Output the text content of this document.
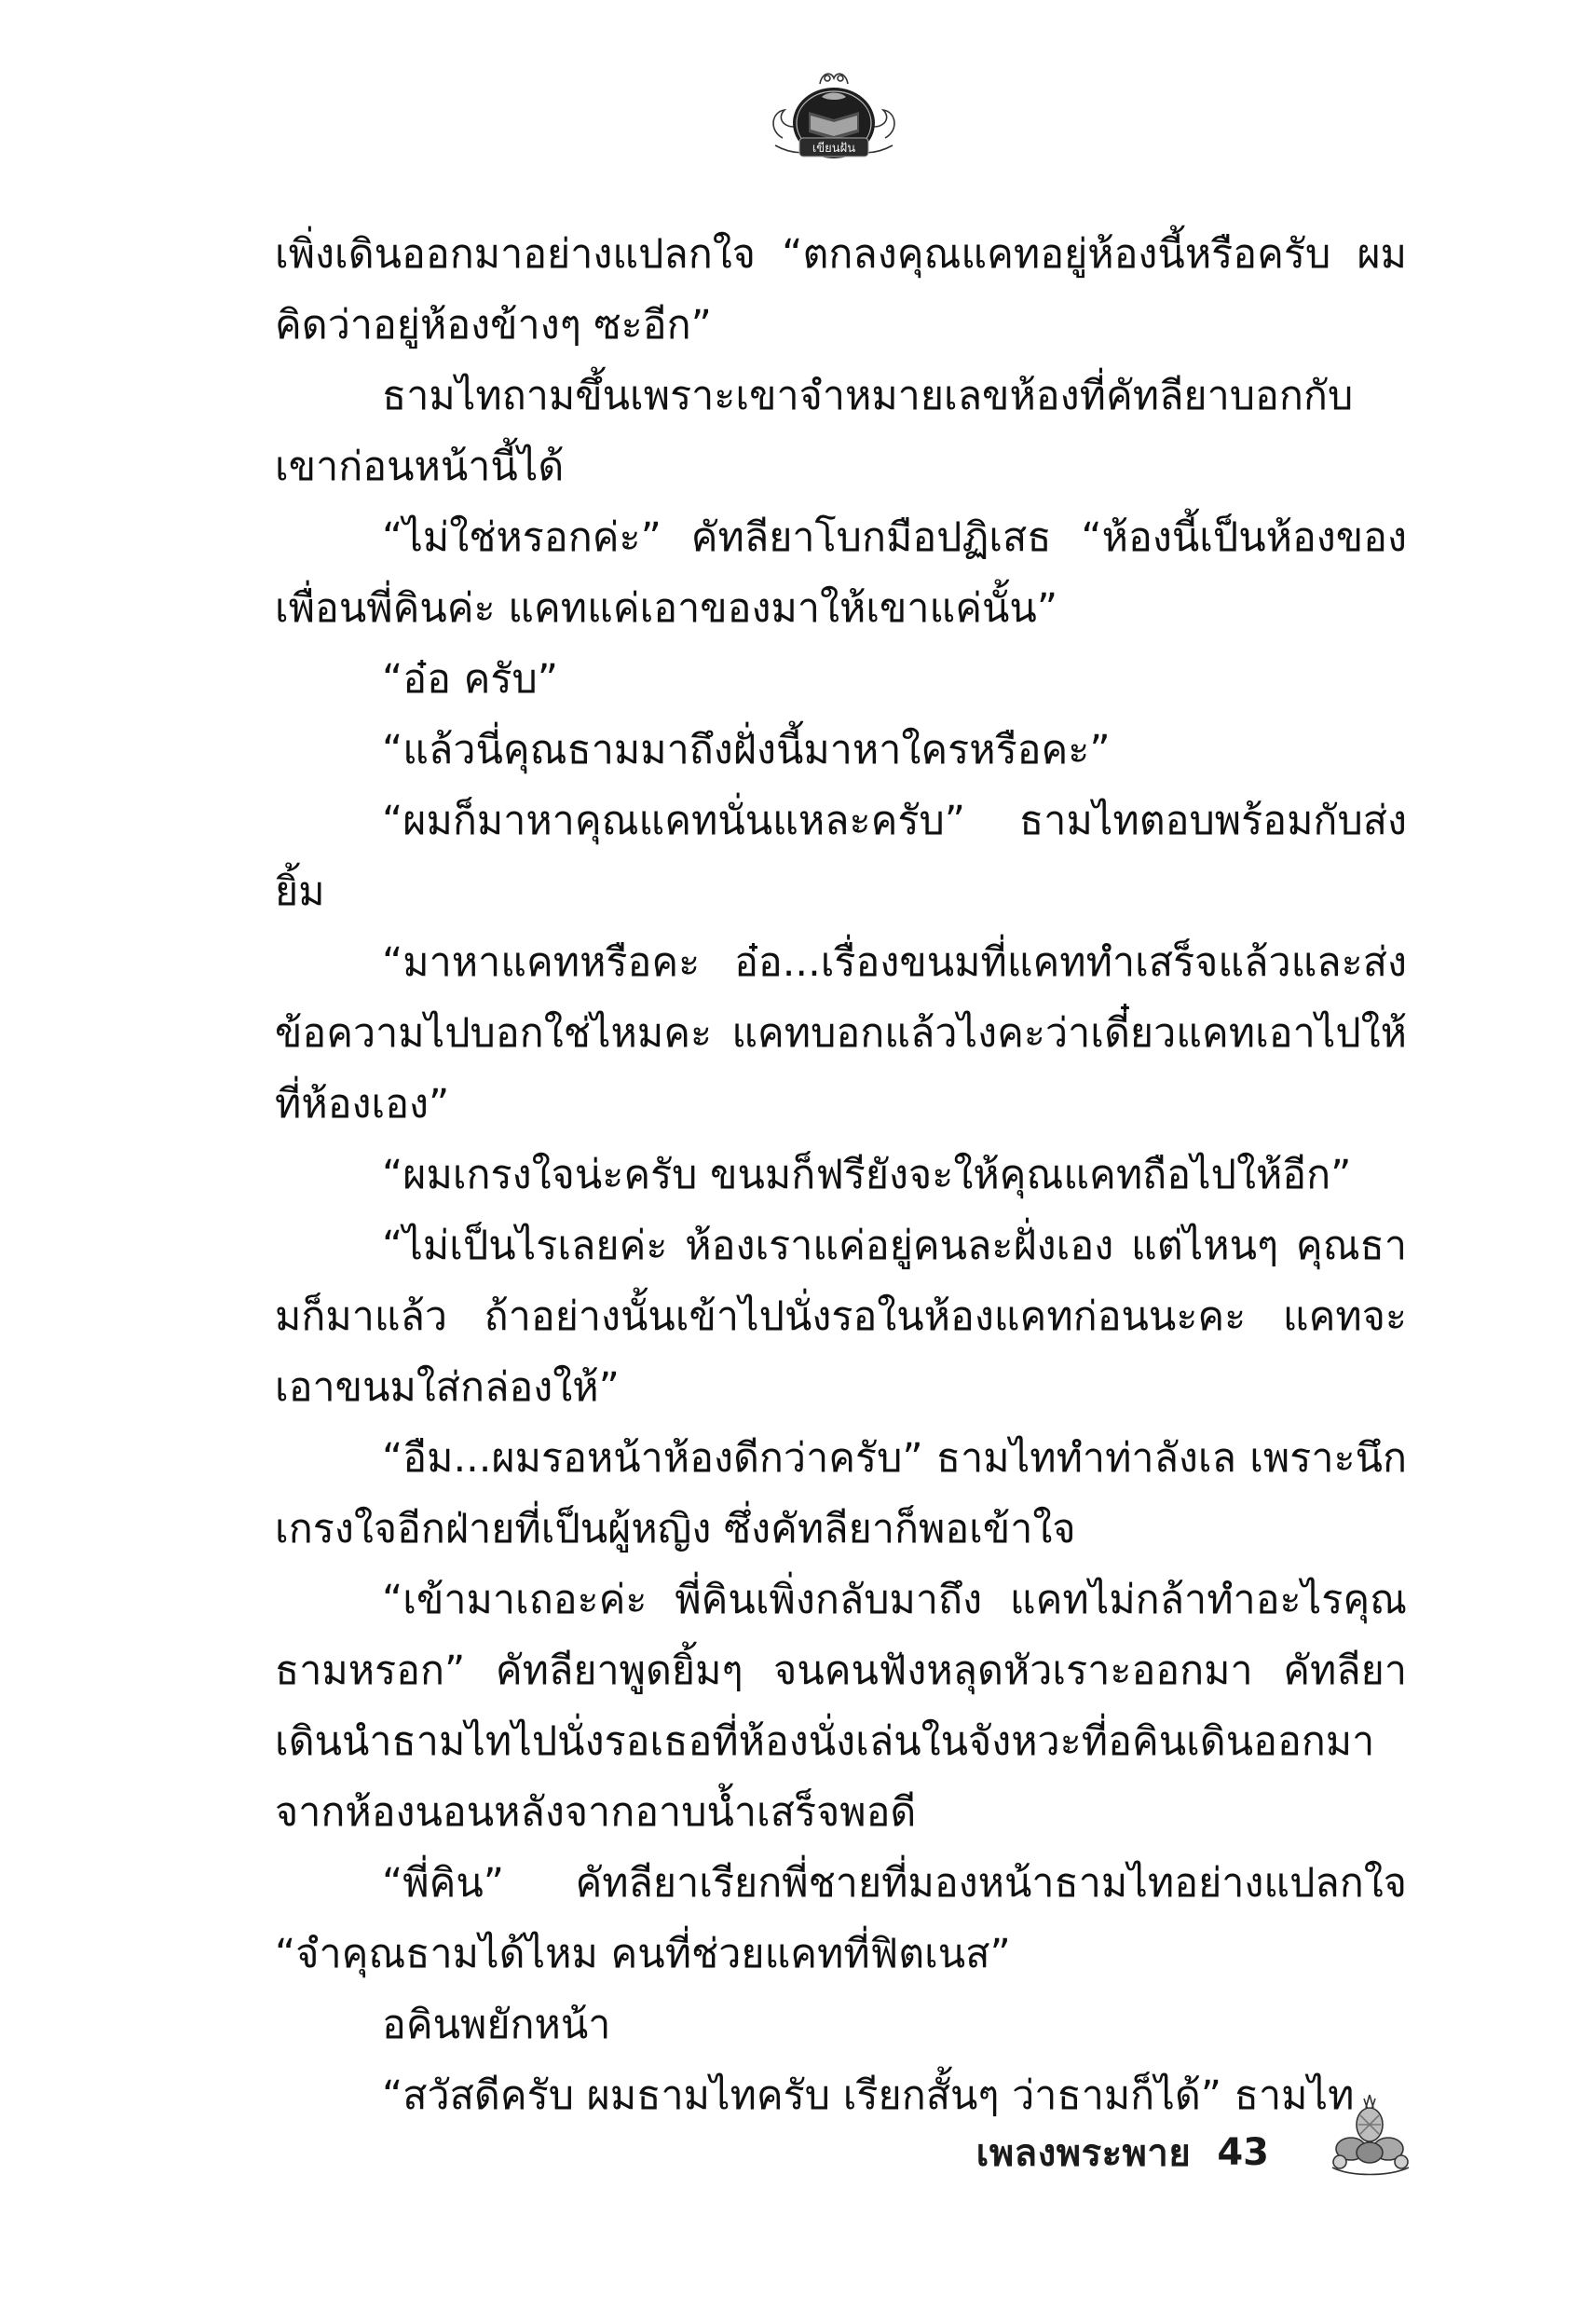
เขียนฝัน

เพิ่งเดินออกมาอย่างแปลกใจ “ตกลงคุณแคทอยู่ห้องนี้หรือครับ ผมคิดว่าอยู่ห้องข้างๆ ซะอีก”

ธามไทถามขึ้นเพราะเขาจำหมายเลขห้องที่คัทลียาบอกกับเขาก่อนหน้านี้ได้

“ไม่ใช่หรอกค่ะ” คัทลียาโบกมือปฏิเสธ “ห้องนี้เป็นห้องของเพื่อนพี่คินค่ะ แคทแค่เอาของมาให้เขาแค่นั้น”

“อ๋อ ครับ”

“แล้วนี่คุณธามมาถึงฝั่งนี้มาหาใครหรือคะ”

“ผมก็มาหาคุณแคทนั่นแหละครับ” ธามไทตอบพร้อมกับส่งยิ้ม

“มาหาแคทหรือคะ อ๋อ...เรื่องขนมที่แคททำเสร็จแล้วและส่งข้อความไปบอกใช่ไหมคะ แคทบอกแล้วไงคะว่าเดี๋ยวแคทเอาไปให้ที่ห้องเอง”

“ผมเกรงใจน่ะครับ ขนมก็ฟรียังจะให้คุณแคทถือไปให้อีก”

“ไม่เป็นไรเลยค่ะ ห้องเราแค่อยู่คนละฝั่งเอง แต่ไหนๆ คุณธามก็มาแล้ว ถ้าอย่างนั้นเข้าไปนั่งรอในห้องแคทก่อนนะคะ แคทจะเอาขนมใส่กล่องให้”

“อืม...ผมรอหน้าห้องดีกว่าครับ” ธามไททำท่าลังเล เพราะนึกเกรงใจอีกฝ่ายที่เป็นผู้หญิง ซึ่งคัทลียาก็พอเข้าใจ

“เข้ามาเถอะค่ะ พี่คินเพิ่งกลับมาถึง แคทไม่กล้าทำอะไรคุณธามหรอก” คัทลียาพูดยิ้มๆ จนคนฟังหลุดหัวเราะออกมา คัทลียาเดินนำธามไทไปนั่งรอเธอที่ห้องนั่งเล่นในจังหวะที่อคินเดินออกมาจากห้องนอนหลังจากอาบน้ำเสร็จพอดี

“พี่คิน” คัทลียาเรียกพี่ชายที่มองหน้าธามไทอย่างแปลกใจ “จำคุณธามได้ไหม คนที่ช่วยแคทที่ฟิตเนส”

อคินพยักหน้า

“สวัสดีครับ ผมธามไทครับ เรียกสั้นๆ ว่าธามก็ได้” ธามไท

เพลงพระพาย 43
